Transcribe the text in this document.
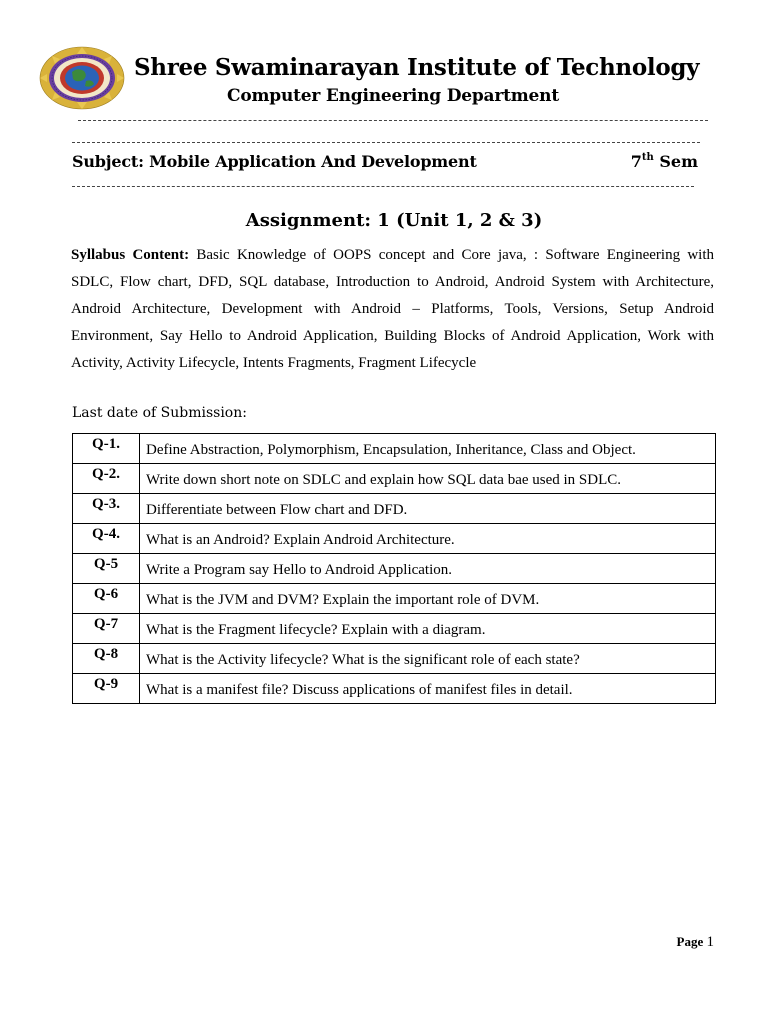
Shree Swaminarayan Institute of Technology
Computer Engineering Department
Subject: Mobile Application And Development	7th Sem
Assignment: 1 (Unit 1, 2 & 3)
Syllabus Content: Basic Knowledge of OOPS concept and Core java, : Software Engineering with SDLC, Flow chart, DFD, SQL database, Introduction to Android, Android System with Architecture, Android Architecture, Development with Android – Platforms, Tools, Versions, Setup Android Environment, Say Hello to Android Application, Building Blocks of Android Application, Work with Activity, Activity Lifecycle, Intents Fragments, Fragment Lifecycle
Last date of Submission:
Q-1.	Define Abstraction, Polymorphism, Encapsulation, Inheritance, Class and Object.
Q-2.	Write down short note on SDLC and explain how SQL data bae used in SDLC.
Q-3.	Differentiate between Flow chart and DFD.
Q-4.	What is an Android? Explain Android Architecture.
Q-5	Write a Program say Hello to Android Application.
Q-6	What is the JVM and DVM? Explain the important role of DVM.
Q-7	What is the Fragment lifecycle? Explain with a diagram.
Q-8	What is the Activity lifecycle? What is the significant role of each state?
Q-9	What is a manifest file? Discuss applications of manifest files in detail.
Page 1
